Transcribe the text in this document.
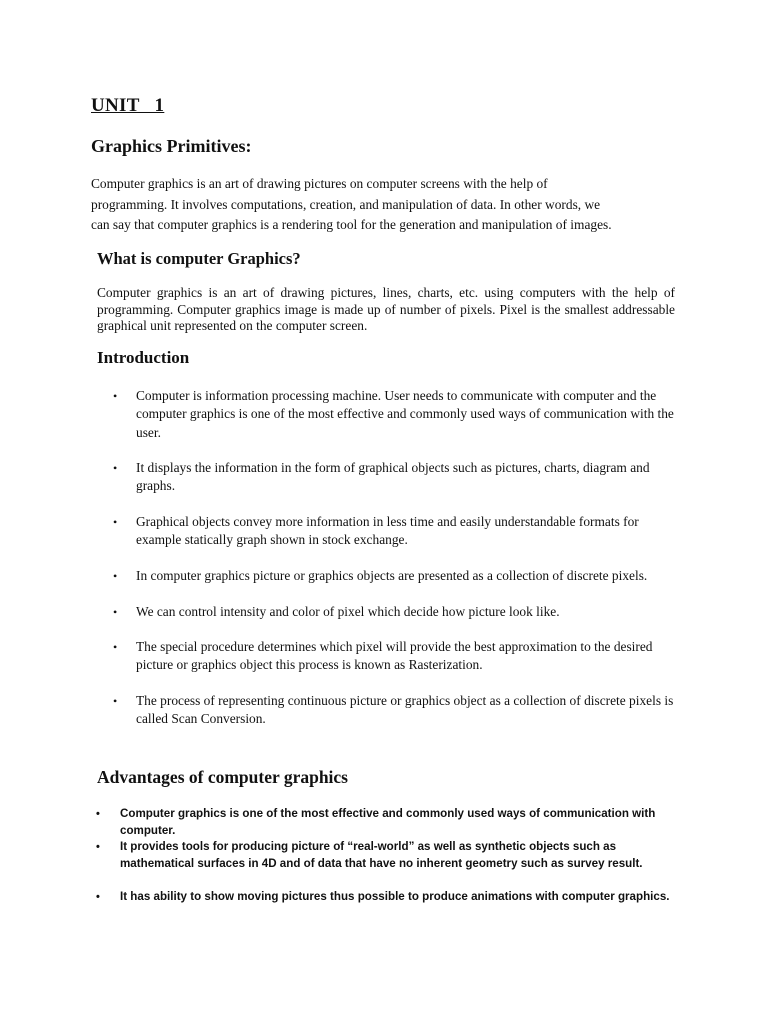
UNIT   1
Graphics Primitives:
Computer graphics is an art of drawing pictures on computer screens with the help of
programming. It involves computations, creation, and manipulation of data. In other words, we
can say that computer graphics is a rendering tool for the generation and manipulation of images.
What is computer Graphics?
Computer graphics is an art of drawing pictures, lines, charts, etc. using computers with the help of programming. Computer graphics image is made up of number of pixels. Pixel is the smallest addressable graphical unit represented on the computer screen.
Introduction
• Computer is information processing machine. User needs to communicate with computer and the computer graphics is one of the most effective and commonly used ways of communication with the user.
• It displays the information in the form of graphical objects such as pictures, charts, diagram and graphs.
• Graphical objects convey more information in less time and easily understandable formats for example statically graph shown in stock exchange.
• In computer graphics picture or graphics objects are presented as a collection of discrete pixels.
• We can control intensity and color of pixel which decide how picture look like.
• The special procedure determines which pixel will provide the best approximation to the desired picture or graphics object this process is known as Rasterization.
• The process of representing continuous picture or graphics object as a collection of discrete pixels is called Scan Conversion.
Advantages of computer graphics
• Computer graphics is one of the most effective and commonly used ways of communication with computer.
• It provides tools for producing picture of “real-world” as well as synthetic objects such as mathematical surfaces in 4D and of data that have no inherent geometry such as survey result.
• It has ability to show moving pictures thus possible to produce animations with computer graphics.
